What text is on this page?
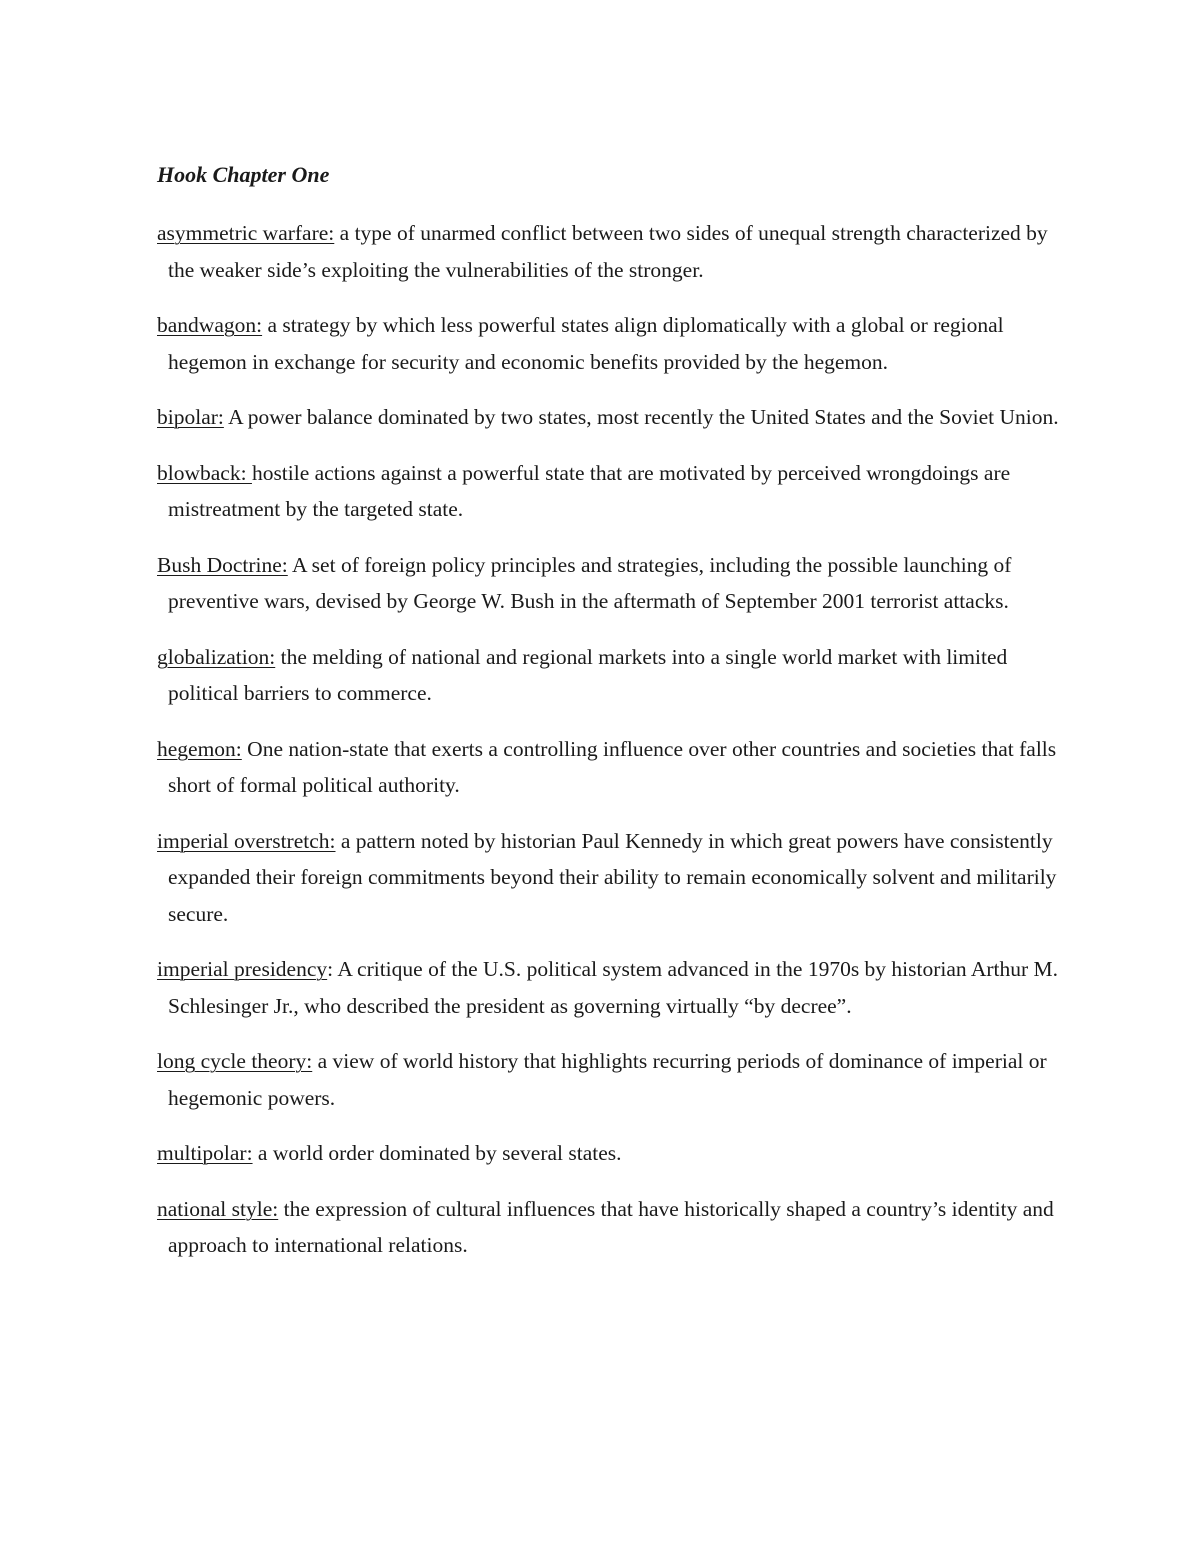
Hook Chapter One

asymmetric warfare: a type of unarmed conflict between two sides of unequal strength characterized by the weaker side’s exploiting the vulnerabilities of the stronger.

bandwagon: a strategy by which less powerful states align diplomatically with a global or regional hegemon in exchange for security and economic benefits provided by the hegemon.

bipolar: A power balance dominated by two states, most recently the United States and the Soviet Union.

blowback: hostile actions against a powerful state that are motivated by perceived wrongdoings are mistreatment by the targeted state.

Bush Doctrine: A set of foreign policy principles and strategies, including the possible launching of preventive wars, devised by George W. Bush in the aftermath of September 2001 terrorist attacks.

globalization: the melding of national and regional markets into a single world market with limited political barriers to commerce.

hegemon: One nation-state that exerts a controlling influence over other countries and societies that falls short of formal political authority.

imperial overstretch: a pattern noted by historian Paul Kennedy in which great powers have consistently expanded their foreign commitments beyond their ability to remain economically solvent and militarily secure.

imperial presidency: A critique of the U.S. political system advanced in the 1970s by historian Arthur M. Schlesinger Jr., who described the president as governing virtually “by decree”.

long cycle theory: a view of world history that highlights recurring periods of dominance of imperial or hegemonic powers.

multipolar: a world order dominated by several states.

national style: the expression of cultural influences that have historically shaped a country’s identity and approach to international relations.
